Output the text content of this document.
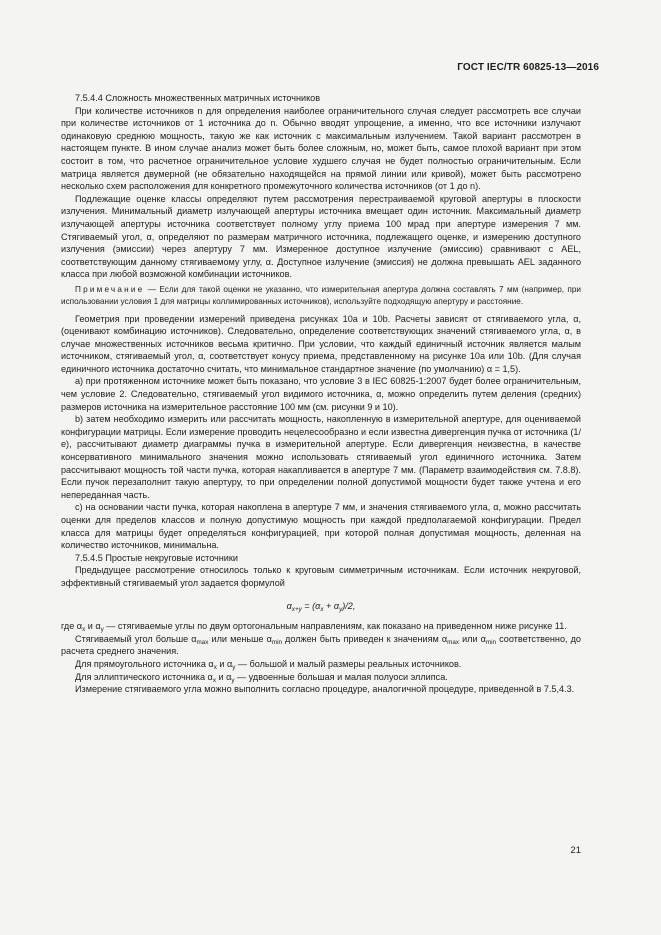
ГОСТ IEC/TR 60825-13—2016

7.5.4.4 Сложность множественных матричных источников

При количестве источников n для определения наиболее ограничительного случая следует рассмотреть все случаи при количестве источников от 1 источника до n. Обычно вводят упрощение, а именно, что все источники излучают одинаковую среднюю мощность, такую же как источник с максимальным излучением. Такой вариант рассмотрен в настоящем пункте. В ином случае анализ может быть более сложным, но, может быть, самое плохой вариант при этом состоит в том, что расчетное ограничительное условие худшего случая не будет полностью ограничительным. Если матрица является двумерной (не обязательно находящейся на прямой линии или кривой), может быть рассмотрено несколько схем расположения для конкретного промежуточного количества источников (от 1 до n).

Подлежащие оценке классы определяют путем рассмотрения перестраиваемой круговой апертуры в плоскости излучения. Минимальный диаметр излучающей апертуры источника вмещает один источник. Максимальный диаметр излучающей апертуры источника соответствует полному углу приема 100 мрад при апертуре измерения 7 мм. Стягиваемый угол, α, определяют по размерам матричного источника, подлежащего оценке, и измерению доступного излучения (эмиссии) через апертуру 7 мм. Измеренное доступное излучение (эмиссию) сравнивают с AEL, соответствующим данному стягиваемому углу, α. Доступное излучение (эмиссия) не должна превышать AEL заданного класса при любой возможной комбинации источников.

Примечание — Если для такой оценки не указанно, что измерительная апертура должна составлять 7 мм (например, при использовании условия 1 для матрицы коллимированных источников), используйте подходящую апертуру и расстояние.

Геометрия при проведении измерений приведена рисунках 10а и 10b. Расчеты зависят от стягиваемого угла, α, (оценивают комбинацию источников). Следовательно, определение соответствующих значений стягиваемого угла, α, в случае множественных источников весьма критично. При условии, что каждый единичный источник является малым источником, стягиваемый угол, α, соответствует конусу приема, представленному на рисунке 10а или 10b. (Для случая единичного источника достаточно считать, что минимальное стандартное значение (по умолчанию) α = 1,5).

а) при протяженном источнике может быть показано, что условие 3 в IEC 60825-1:2007 будет более ограничительным, чем условие 2. Следовательно, стягиваемый угол видимого источника, α, можно определить путем деления (средних) размеров источника на измерительное расстояние 100 мм (см. рисунки 9 и 10).

b) затем необходимо измерить или рассчитать мощность, накопленную в измерительной апертуре, для оцениваемой конфигурации матрицы. Если измерение проводить нецелесообразно и если известна дивергенция пучка от источника (1/е), рассчитывают диаметр диаграммы пучка в измерительной апертуре. Если дивергенция неизвестна, в качестве консервативного минимального значения можно использовать стягиваемый угол единичного источника. Затем рассчитывают мощность той части пучка, которая накапливается в апертуре 7 мм. (Параметр взаимодействия см. 7.8.8). Если пучок перезаполнит такую апертуру, то при определении полной допустимой мощности будет также учтена и его непереданная часть.

с) на основании части пучка, которая накоплена в апертуре 7 мм, и значения стягиваемого угла, α, можно рассчитать оценки для пределов классов и полную допустимую мощность при каждой предполагаемой конфигурации. Предел класса для матрицы будет определяться конфигурацией, при которой полная допустимая мощность, деленная на количество источников, минимальна.

7.5.4.5 Простые некруговые источники

Предыдущее рассмотрение относилось только к круговым симметричным источникам. Если источник некруговой, эффективный стягиваемый угол задается формулой

$\alpha_{x+y} = (\alpha_x + \alpha_y)/2$,

где $\alpha_x$ и $\alpha_y$ — стягиваемые углы по двум ортогональным направлениям, как показано на приведенном ниже рисунке 11.

Стягиваемый угол больше $\alpha_{max}$ или меньше $\alpha_{min}$ должен быть приведен к значениям $\alpha_{max}$ или $\alpha_{min}$ соответственно, до расчета среднего значения.

Для прямоугольного источника $\alpha_x$ и $\alpha_y$ — большой и малый размеры реальных источников.

Для эллиптического источника $\alpha_x$ и $\alpha_y$ — удвоенные большая и малая полуоси эллипса.

Измерение стягиваемого угла можно выполнить согласно процедуре, аналогичной процедуре, приведенной в 7.5,4.3.

21
